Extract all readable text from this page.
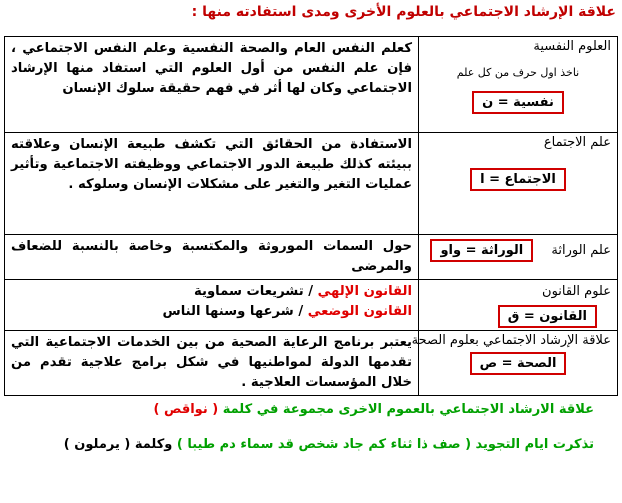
علاقة الإرشاد الاجتماعي بالعلوم الأخرى ومدى استفادته منها :
العلوم النفسية
ناخذ اول حرف من كل علم
نفسية = ن	كعلم النفس العام والصحة النفسية وعلم النفس الاجتماعي ، فإن علم النفس من أول العلوم التي استفاد منها الإرشاد الاجتماعي وكان لها أثر في فهم حقيقة سلوك الإنسان

علم الاجتماع
الاجتماع = ا	الاستفادة من الحقائق التي تكشف طبيعة الإنسان وعلاقته ببيئته كذلك طبيعة الدور الاجتماعي ووظيفته الاجتماعية وتأثير عمليات التغير والتغير على مشكلات الإنسان وسلوكه .
علم الوراثة الوراثة = واو	حول السمات الموروثة والمكتسبة وخاصة بالنسبة للضعاف والمرضى
علوم القانون القانون = ق	القانون الإلهي / تشريعات سماوية
القانون الوضعي / شرعها وسنها الناس

علاقة الإرشاد الاجتماعي بعلوم الصحة
الصحة = ص	يعتبر برنامج الرعاية الصحية من بين الخدمات الاجتماعية التي تقدمها الدولة لمواطنيها في شكل برامج علاجية تقدم من خلال المؤسسات العلاجية .
علاقة الارشاد الاجتماعي بالعموم الاخرى مجموعة في كلمة ( نواقص )
تذكرت ايام التجويد ( صف ذا ثناء كم جاد شخص قد سماء دم طيبا ) وكلمة ( يرملون )
